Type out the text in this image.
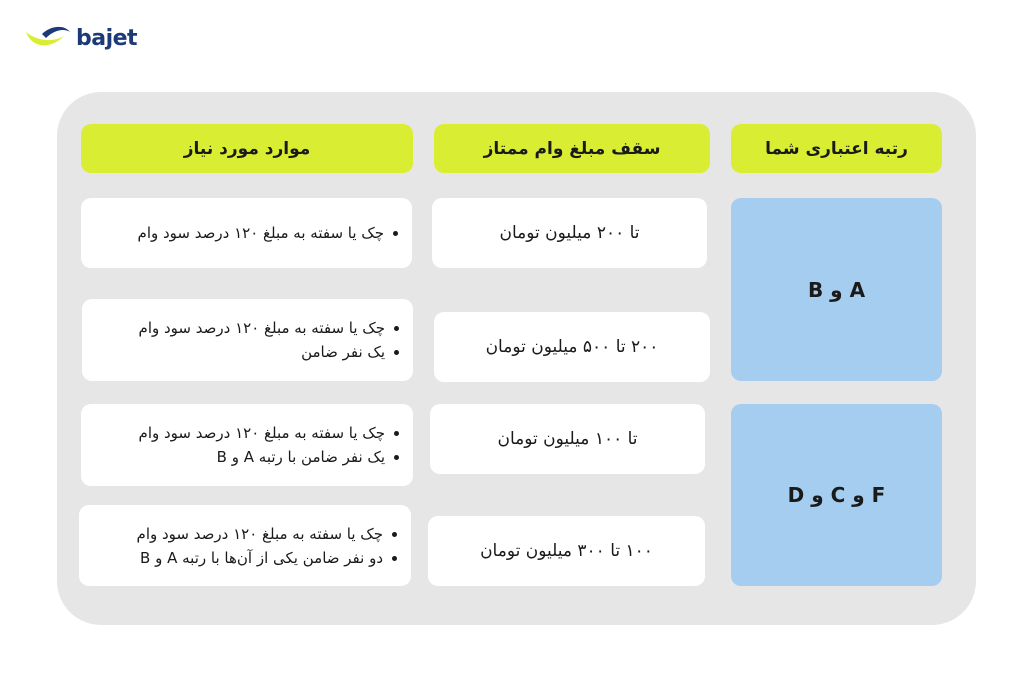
bajet
رتبه اعتباری شما
سقف مبلغ وام ممتاز
موارد مورد نیاز
A و B
تا ۲۰۰ میلیون تومان
چک یا سفته به مبلغ ۱۲۰ درصد سود وام
۲۰۰ تا ۵۰۰ میلیون تومان
چک یا سفته به مبلغ ۱۲۰ درصد سود وام
یک نفر ضامن
F و C و D
تا ۱۰۰ میلیون تومان
چک یا سفته به مبلغ ۱۲۰ درصد سود وام
یک نفر ضامن با رتبه A و B
۱۰۰ تا ۳۰۰ میلیون تومان
چک یا سفته به مبلغ ۱۲۰ درصد سود وام
دو نفر ضامن یکی از آن‌ها با رتبه A و B
